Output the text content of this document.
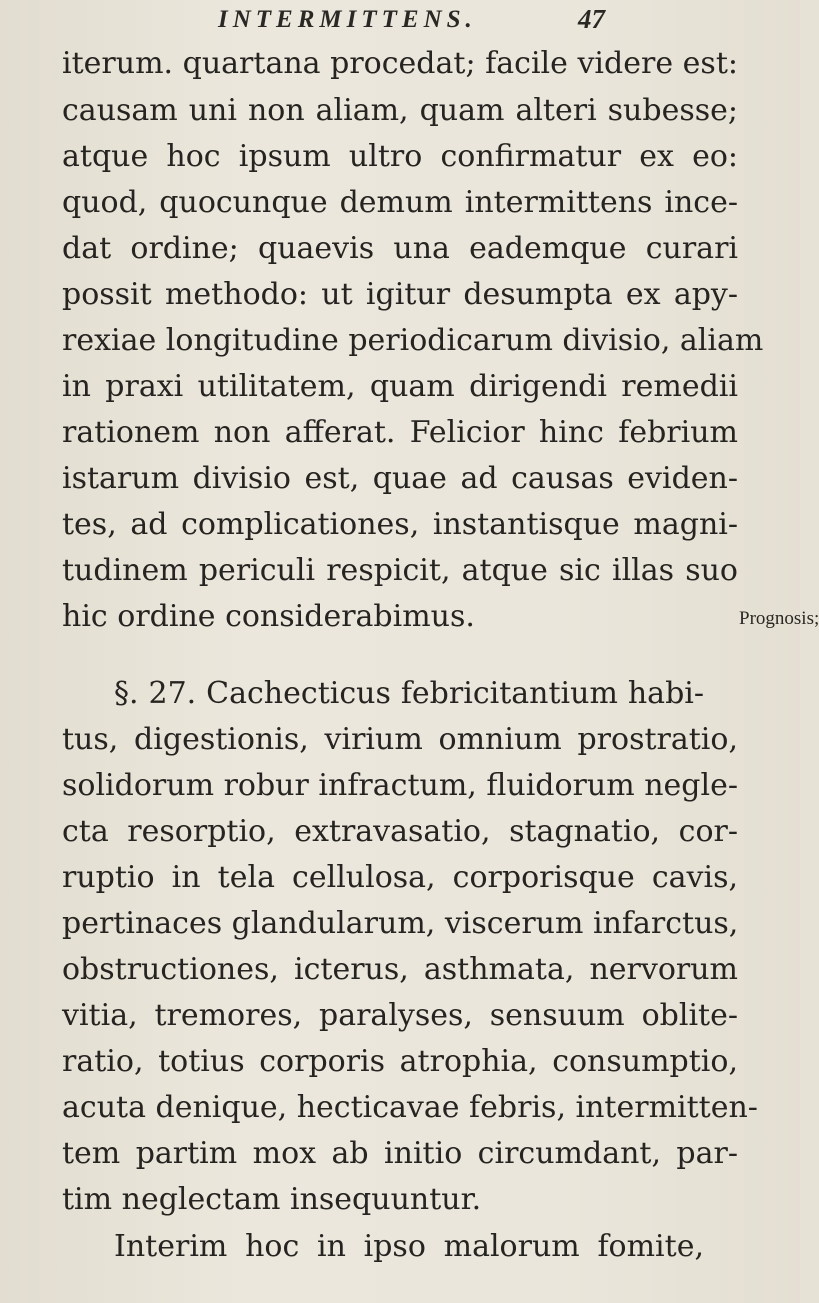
INTERMITTENS.	47
iterum. quartana procedat; facile videre est:
causam uni non aliam, quam alteri subesse;
atque hoc ipsum ultro confirmatur ex eo:
quod, quocunque demum intermittens ince-
dat ordine; quaevis una eademque curari
possit methodo: ut igitur desumpta ex apy-
rexiae longitudine periodicarum divisio, aliam
in praxi utilitatem, quam dirigendi remedii
rationem non afferat. Felicior hinc febrium
istarum divisio est, quae ad causas eviden-
tes, ad complicationes, instantisque magni-
tudinem periculi respicit, atque sic illas suo
hic ordine considerabimus.
§. 27. Cachecticus febricitantium habi-
tus, digestionis, virium omnium prostratio,
solidorum robur infractum, fluidorum negle-
cta resorptio, extravasatio, stagnatio, cor-
ruptio in tela cellulosa, corporisque cavis,
pertinaces glandularum, viscerum infarctus,
obstructiones, icterus, asthmata, nervorum
vitia, tremores, paralyses, sensuum oblite-
ratio, totius corporis atrophia, consumptio,
acuta denique, hecticavae febris, intermitten-
tem partim mox ab initio circumdant, par-
tim neglectam insequuntur.
Interim hoc in ipso malorum fomite,
Prognosis;
